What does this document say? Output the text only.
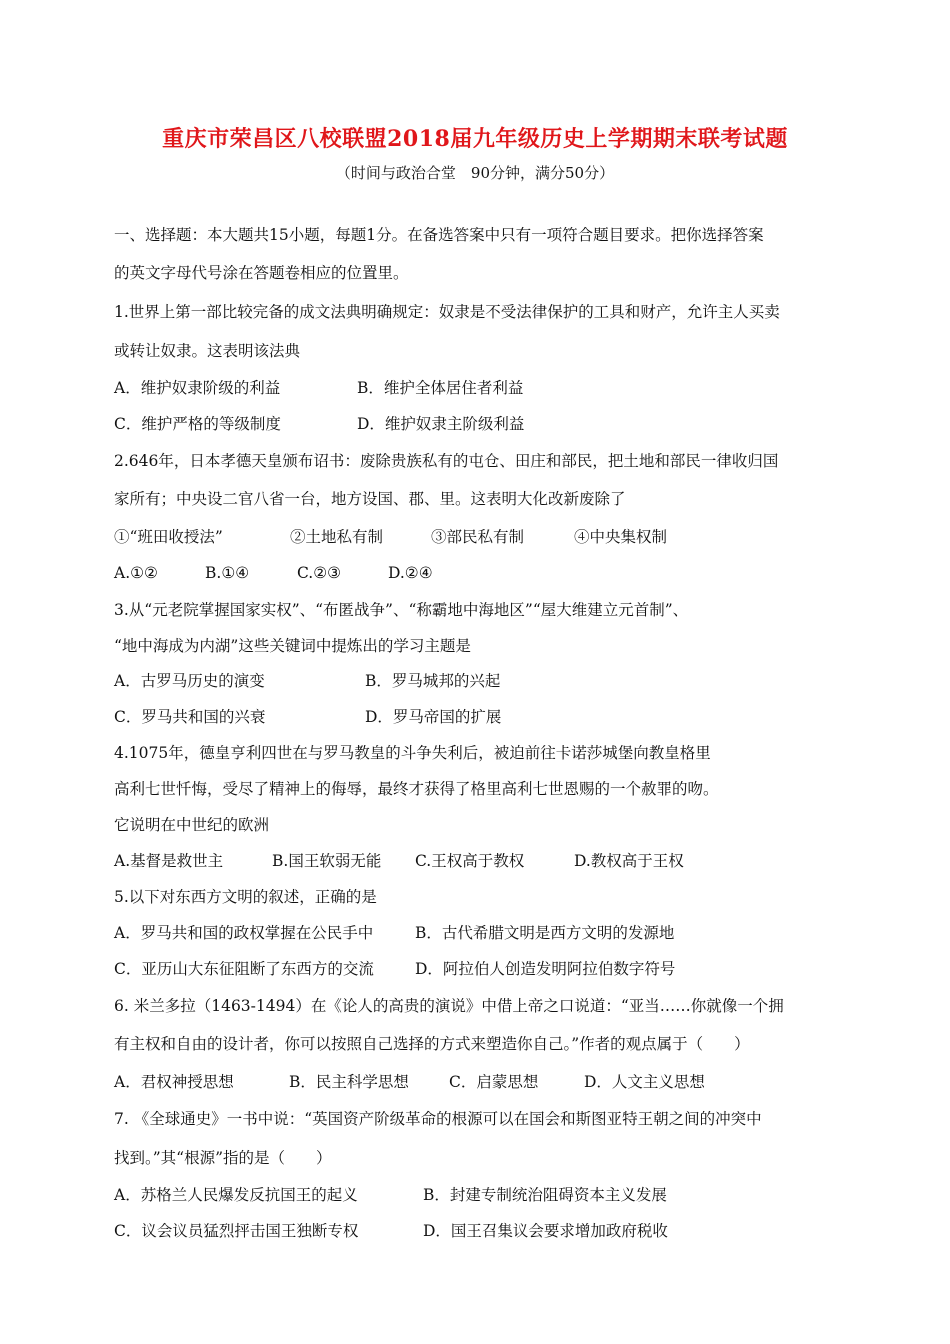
重庆市荣昌区八校联盟2018届九年级历史上学期期末联考试题
（时间与政治合堂　90分钟，满分50分）
一、选择题：本大题共15小题，每题1分。在备选答案中只有一项符合题目要求。把你选择答案
的英文字母代号涂在答题卷相应的位置里。
1.世界上第一部比较完备的成文法典明确规定：奴隶是不受法律保护的工具和财产，允许主人买卖
或转让奴隶。这表明该法典
A．维护奴隶阶级的利益	B．维护全体居住者利益
C．维护严格的等级制度	D．维护奴隶主阶级利益
2.646年，日本孝德天皇颁布诏书：废除贵族私有的屯仓、田庄和部民，把土地和部民一律收归国
家所有；中央设二官八省一台，地方设国、郡、里。这表明大化改新废除了
①“班田收授法”	②土地私有制	③部民私有制	④中央集权制
A.①②	B.①④	C.②③	D.②④
3.从“元老院掌握国家实权”、“布匿战争”、“称霸地中海地区”“屋大维建立元首制”、
“地中海成为内湖”这些关键词中提炼出的学习主题是
A．古罗马历史的演变	B．罗马城邦的兴起
C．罗马共和国的兴衰	D．罗马帝国的扩展
4.1075年，德皇亨利四世在与罗马教皇的斗争失利后，被迫前往卡诺莎城堡向教皇格里
高利七世忏悔，受尽了精神上的侮辱，最终才获得了格里高利七世恩赐的一个赦罪的吻。
它说明在中世纪的欧洲
A.基督是救世主	B.国王软弱无能 C.王权高于教权	D.教权高于王权
5.以下对东西方文明的叙述，正确的是
A．罗马共和国的政权掌握在公民手中	B．古代希腊文明是西方文明的发源地
C．亚历山大东征阻断了东西方的交流	D．阿拉伯人创造发明阿拉伯数字符号
6. 米兰多拉（1463-1494）在《论人的高贵的演说》中借上帝之口说道：“亚当……你就像一个拥
有主权和自由的设计者，你可以按照自己选择的方式来塑造你自己。”作者的观点属于（　　）
A．君权神授思想	B．民主科学思想	C．启蒙思想	D．人文主义思想
7. 《全球通史》一书中说：“英国资产阶级革命的根源可以在国会和斯图亚特王朝之间的冲突中
找到。”其“根源”指的是（　　）
A．苏格兰人民爆发反抗国王的起义	B．封建专制统治阻碍资本主义发展
C．议会议员猛烈抨击国王独断专权	D．国王召集议会要求增加政府税收
